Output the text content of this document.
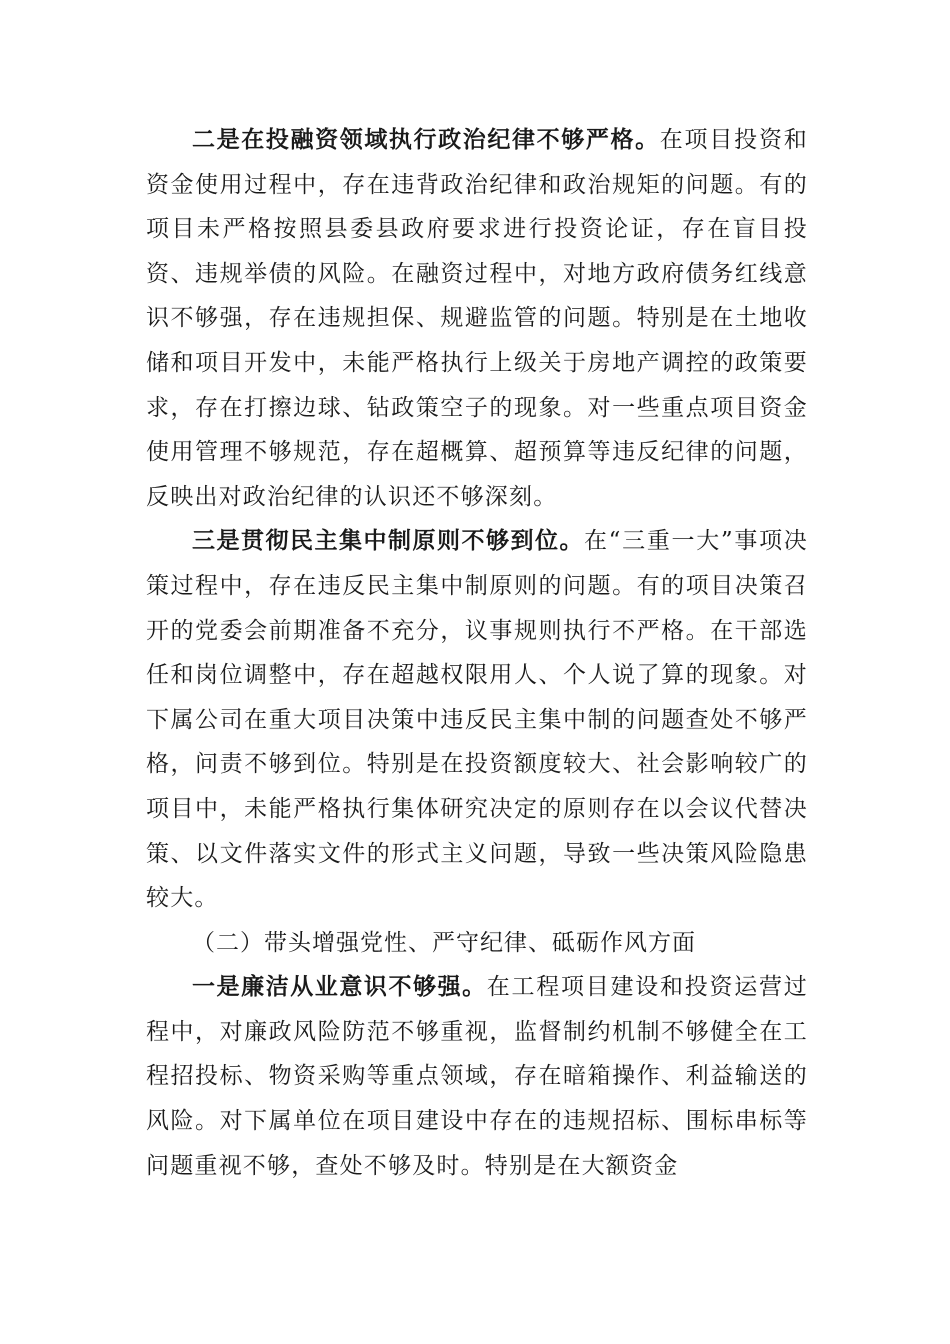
二是在投融资领域执行政治纪律不够严格。在项目投资和资金使用过程中，存在违背政治纪律和政治规矩的问题。有的项目未严格按照县委县政府要求进行投资论证，存在盲目投资、违规举债的风险。在融资过程中，对地方政府债务红线意识不够强，存在违规担保、规避监管的问题。特别是在土地收储和项目开发中，未能严格执行上级关于房地产调控的政策要求，存在打擦边球、钻政策空子的现象。对一些重点项目资金使用管理不够规范，存在超概算、超预算等违反纪律的问题，反映出对政治纪律的认识还不够深刻。

三是贯彻民主集中制原则不够到位。在“三重一大”事项决策过程中，存在违反民主集中制原则的问题。有的项目决策召开的党委会前期准备不充分，议事规则执行不严格。在干部选任和岗位调整中，存在超越权限用人、个人说了算的现象。对下属公司在重大项目决策中违反民主集中制的问题查处不够严格，问责不够到位。特别是在投资额度较大、社会影响较广的项目中，未能严格执行集体研究决定的原则存在以会议代替决策、以文件落实文件的形式主义问题，导致一些决策风险隐患较大。

（二）带头增强党性、严守纪律、砥砺作风方面

一是廉洁从业意识不够强。在工程项目建设和投资运营过程中，对廉政风险防范不够重视，监督制约机制不够健全在工程招投标、物资采购等重点领域，存在暗箱操作、利益输送的风险。对下属单位在项目建设中存在的违规招标、围标串标等问题重视不够，查处不够及时。特别是在大额资金
